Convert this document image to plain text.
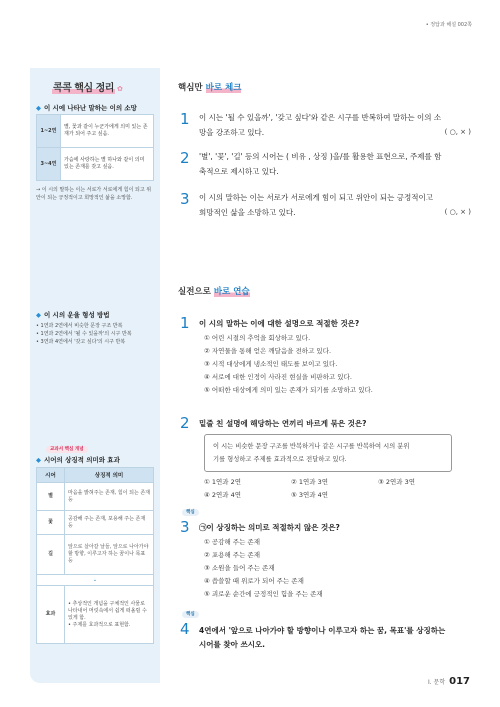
• 정답과 해설 002쪽
콕콕 핵심 정리 ✿
◆ 이 시에 나타난 말하는 이의 소망
1~2연	별, 꽃과 같이 누군가에게 의미 있는 존재가 되어 주고 싶음.
3~4연	가슴에 사랑하는 별 하나와 같이 의미 있는 존재를 갖고 싶음.
→ 이 시의 말하는 이는 서로가 서로에게 힘이 되고 위안이 되는 긍정적이고 희망적인 삶을 소망함.
◆ 이 시의 운율 형성 방법
• 1연과 2연에서 비슷한 문장 구조 반복
• 1연과 2연에서 '될 수 있을까'의 시구 반복
• 3연과 4연에서 '갖고 싶다'의 시구 반복
교과서 핵심 개념
◆ 시어의 상징적 의미와 효과
시어	상징적 의미
별	마음을 밝혀주는 존재, 힘이 되는 존재 등
꽃	공감해 주는 존재, 포용해 주는 존재 등
길	앞으로 살아갈 날들, 앞으로 나아가야 할 방향, 이루고자 하는 꿈이나 목표 등
⌄	
효과	• 추상적인 개념을 구체적인 사물로 나타내어 머릿속에서 쉽게 떠올릴 수 있게 함.
• 주제를 효과적으로 표현함.
핵심만 바로 체크
1 이 시는 '될 수 있을까', '갖고 싶다'와 같은 시구를 반복하여 말하는 이의 소
망을 강조하고 있다.	( ○, × )
2 '별', '꽃', '길' 등의 시어는 ( 비유 , 상징 )을/를 활용한 표현으로, 주제를 함
축적으로 제시하고 있다.
3 이 시의 말하는 이는 서로가 서로에게 힘이 되고 위안이 되는 긍정적이고
희망적인 삶을 소망하고 있다.	( ○, × )
실전으로 바로 연습
1 이 시의 말하는 이에 대한 설명으로 적절한 것은?
① 어린 시절의 추억을 회상하고 있다.
② 자연물을 통해 얻은 깨달음을 전하고 있다.
③ 시적 대상에게 냉소적인 태도를 보이고 있다.
④ 서로에 대한 인정이 사라진 현실을 비판하고 있다.
⑤ 어떠한 대상에게 의미 있는 존재가 되기를 소망하고 있다.
2 밑줄 친 설명에 해당하는 연끼리 바르게 묶은 것은?
이 시는 비슷한 문장 구조를 반복하거나 같은 시구를 반복하여 시의 분위
기를 형성하고 주제를 효과적으로 전달하고 있다.
① 1연과 2연	② 1연과 3연	③ 2연과 3연
④ 2연과 4연	⑤ 3연과 4연
핵심
3 ㉠이 상징하는 의미로 적절하지 않은 것은?
① 공감해 주는 존재
② 포용해 주는 존재
③ 소원을 들어 주는 존재
④ 씁쓸할 때 위로가 되어 주는 존재
⑤ 괴로운 순간에 긍정적인 힘을 주는 존재
핵심
4 4연에서 '앞으로 나아가야 할 방향이나 이루고자 하는 꿈, 목표'를 상징하는
시어를 찾아 쓰시오.
I. 문학 017
